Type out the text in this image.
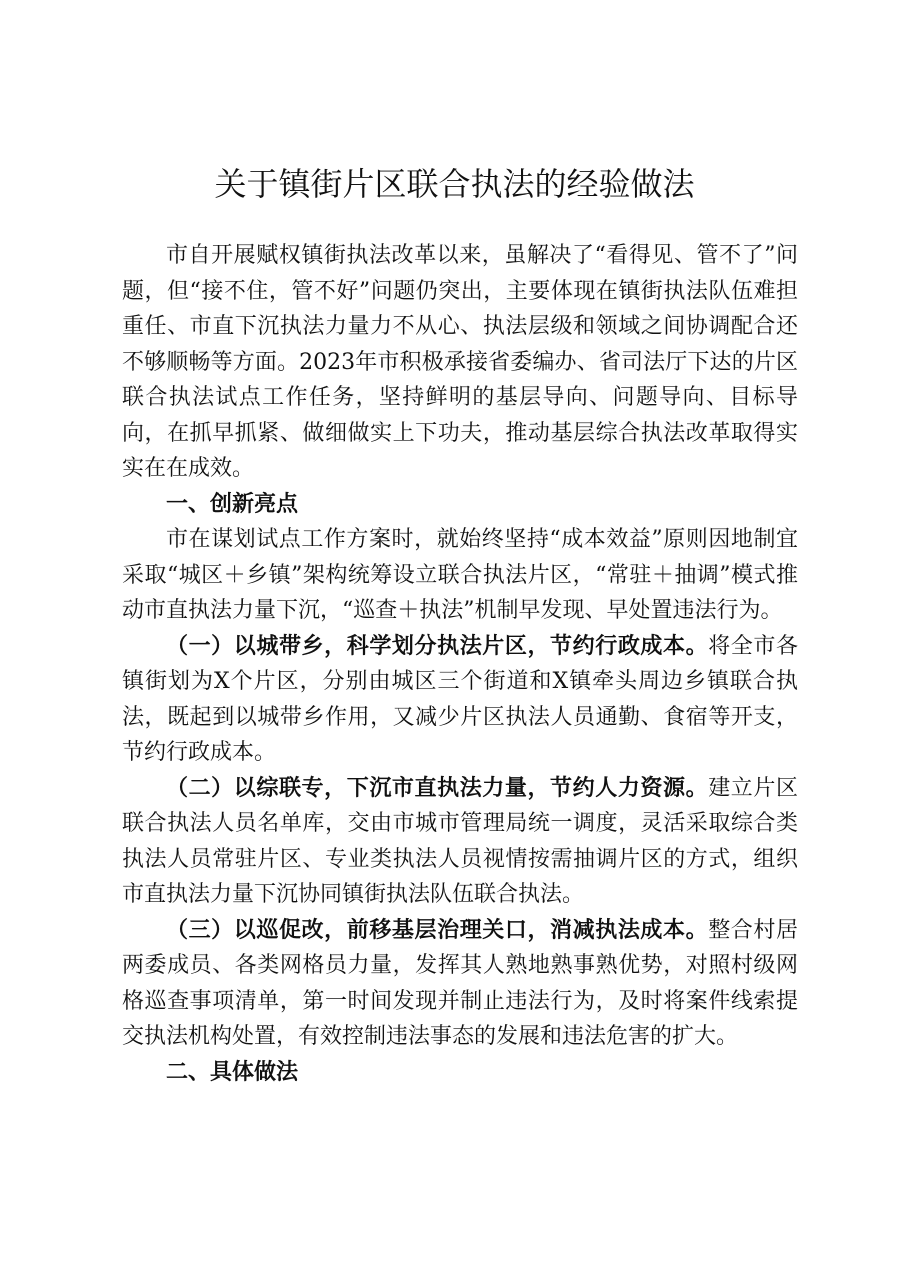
关于镇街片区联合执法的经验做法

市自开展赋权镇街执法改革以来，虽解决了“看得见、管不了”问题，但“接不住，管不好”问题仍突出，主要体现在镇街执法队伍难担重任、市直下沉执法力量力不从心、执法层级和领域之间协调配合还不够顺畅等方面。2023年市积极承接省委编办、省司法厅下达的片区联合执法试点工作任务，坚持鲜明的基层导向、问题导向、目标导向，在抓早抓紧、做细做实上下功夫，推动基层综合执法改革取得实实在在成效。

一、创新亮点

市在谋划试点工作方案时，就始终坚持“成本效益”原则因地制宜采取“城区＋乡镇”架构统筹设立联合执法片区，“常驻＋抽调”模式推动市直执法力量下沉，“巡查＋执法”机制早发现、早处置违法行为。

（一）以城带乡，科学划分执法片区，节约行政成本。将全市各镇街划为X个片区，分别由城区三个街道和X镇牵头周边乡镇联合执法，既起到以城带乡作用，又减少片区执法人员通勤、食宿等开支，节约行政成本。

（二）以综联专，下沉市直执法力量，节约人力资源。建立片区联合执法人员名单库，交由市城市管理局统一调度，灵活采取综合类执法人员常驻片区、专业类执法人员视情按需抽调片区的方式，组织市直执法力量下沉协同镇街执法队伍联合执法。

（三）以巡促改，前移基层治理关口，消减执法成本。整合村居两委成员、各类网格员力量，发挥其人熟地熟事熟优势，对照村级网格巡查事项清单，第一时间发现并制止违法行为，及时将案件线索提交执法机构处置，有效控制违法事态的发展和违法危害的扩大。

二、具体做法
